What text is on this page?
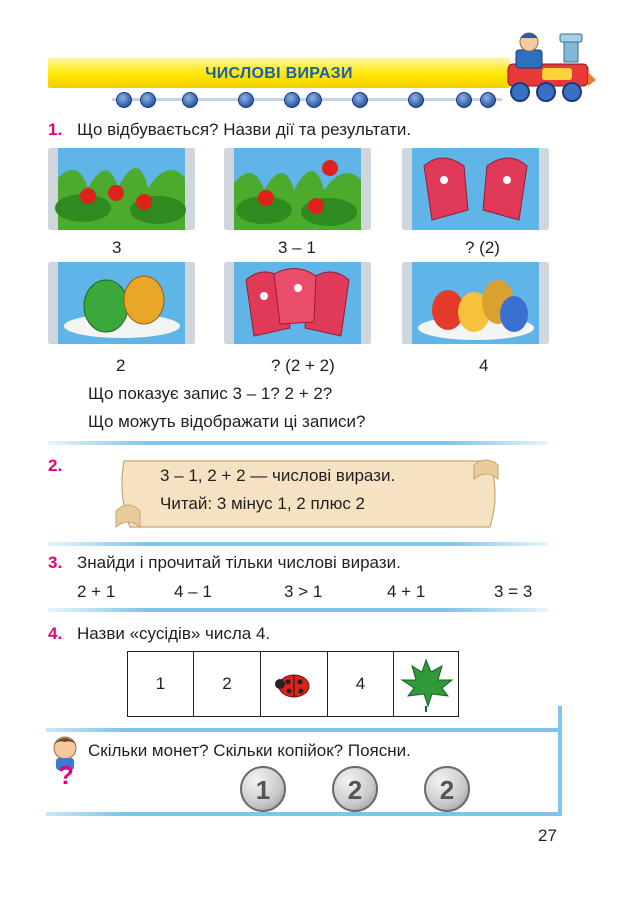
ЧИСЛОВІ ВИРАЗИ
1. Що відбувається? Назви дії та результати.
3	3 – 1	? (2)
2	? (2 + 2)	4
Що показує запис 3 – 1? 2 + 2?
Що можуть відображати ці записи?
2.
3 – 1, 2 + 2 — числові вирази.
Читай: 3 мінус 1, 2 плюс 2
3. Знайди і прочитай тільки числові вирази.
2 + 1	4 – 1	3 > 1	4 + 1	3 = 3
4. Назви «сусідів» числа 4.
1	2	4
?
Скільки монет? Скільки копійок? Поясни.
1	2	2
27
